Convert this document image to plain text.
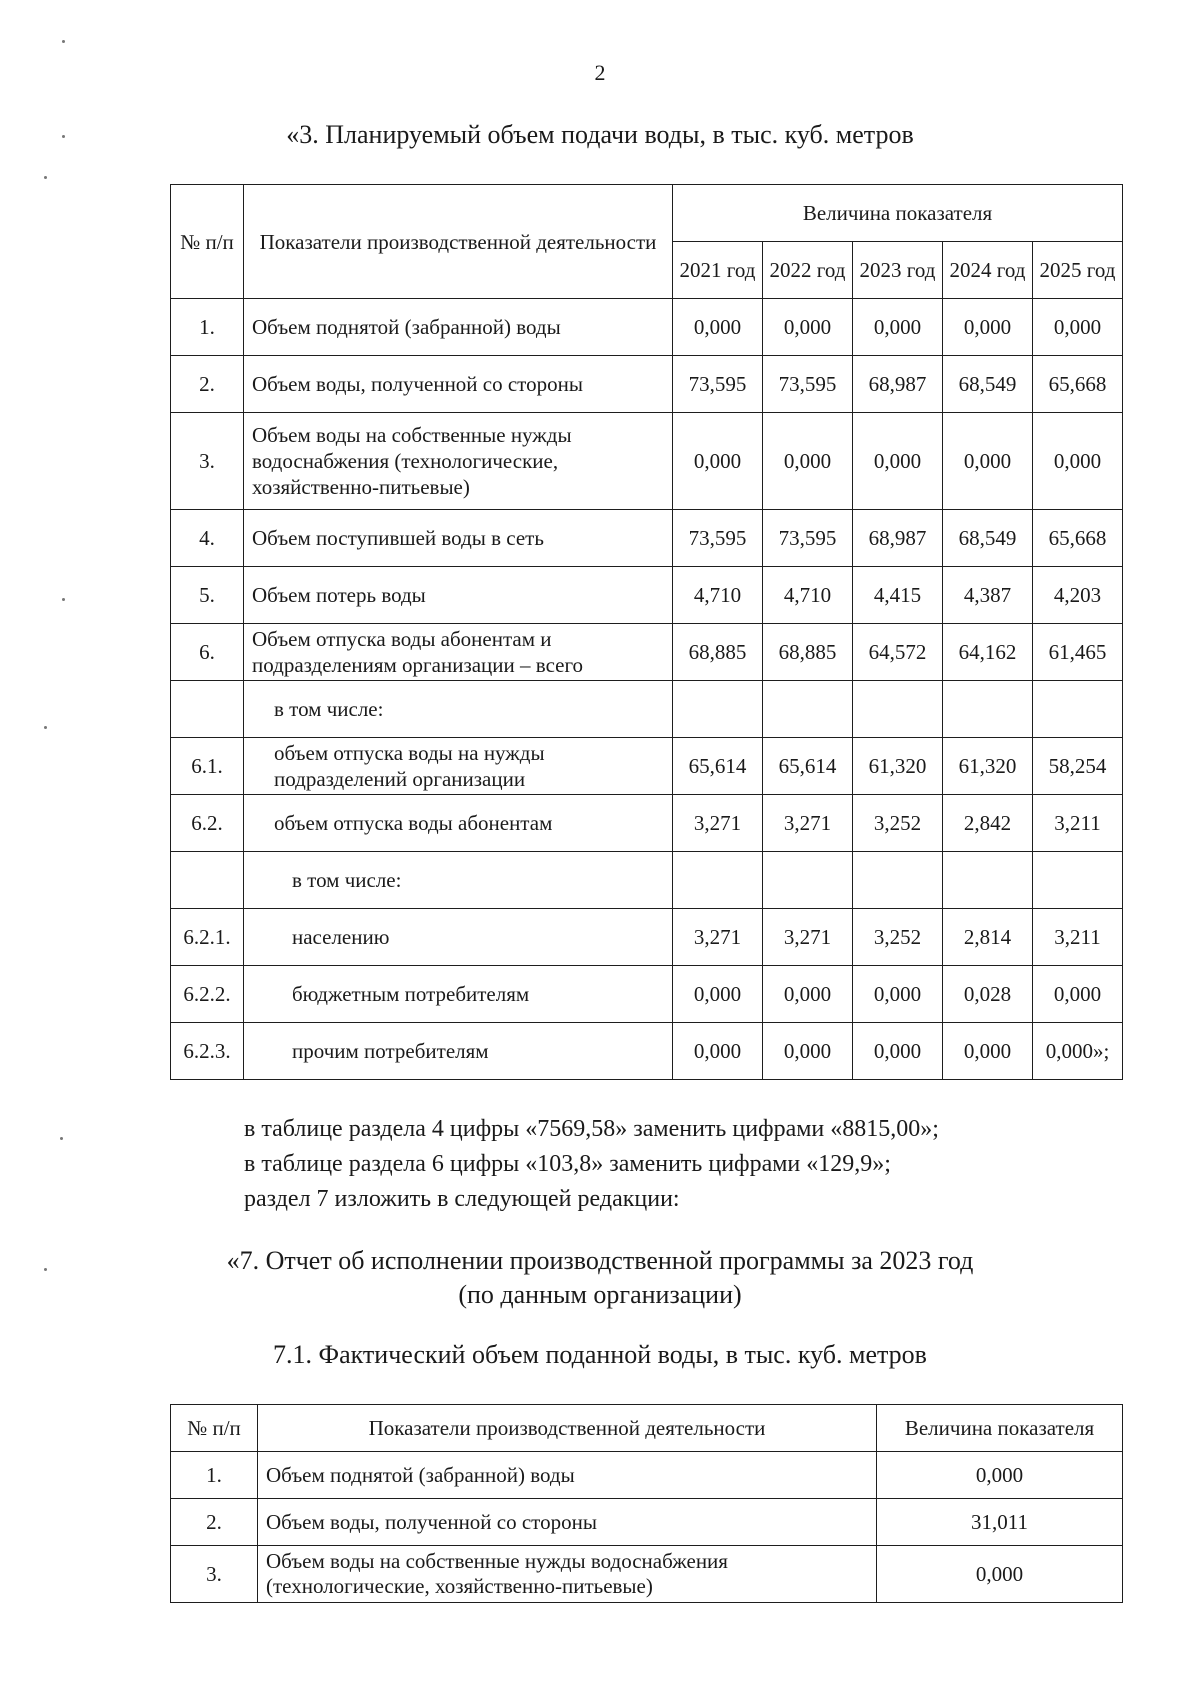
2
«3. Планируемый объем подачи воды, в тыс. куб. метров
№ п/п	Показатели производственной деятельности	Величина показателя				
		2021 год	2022 год	2023 год	2024 год	2025 год
1.	Объем поднятой (забранной) воды	0,000	0,000	0,000	0,000	0,000
2.	Объем воды, полученной со стороны	73,595	73,595	68,987	68,549	65,668
3.	Объем воды на собственные нужды водоснабжения (технологические, хозяйственно-питьевые)	0,000	0,000	0,000	0,000	0,000
4.	Объем поступившей воды в сеть	73,595	73,595	68,987	68,549	65,668
5.	Объем потерь воды	4,710	4,710	4,415	4,387	4,203
6.	Объем отпуска воды абонентам и подразделениям организации – всего	68,885	68,885	64,572	64,162	61,465
	в том числе:					
6.1.	объем отпуска воды на нужды подразделений организации	65,614	65,614	61,320	61,320	58,254
6.2.	объем отпуска воды абонентам	3,271	3,271	3,252	2,842	3,211
	в том числе:					
6.2.1.	населению	3,271	3,271	3,252	2,814	3,211
6.2.2.	бюджетным потребителям	0,000	0,000	0,000	0,028	0,000
6.2.3.	прочим потребителям	0,000	0,000	0,000	0,000	0,000»;
в таблице раздела 4 цифры «7569,58» заменить цифрами «8815,00»;
в таблице раздела 6 цифры «103,8» заменить цифрами «129,9»;
раздел 7 изложить в следующей редакции:
«7. Отчет об исполнении производственной программы за 2023 год
(по данным организации)
7.1. Фактический объем поданной воды, в тыс. куб. метров
№ п/п	Показатели производственной деятельности	Величина показателя
1.	Объем поднятой (забранной) воды	0,000
2.	Объем воды, полученной со стороны	31,011
3.	Объем воды на собственные нужды водоснабжения (технологические, хозяйственно-питьевые)	0,000
